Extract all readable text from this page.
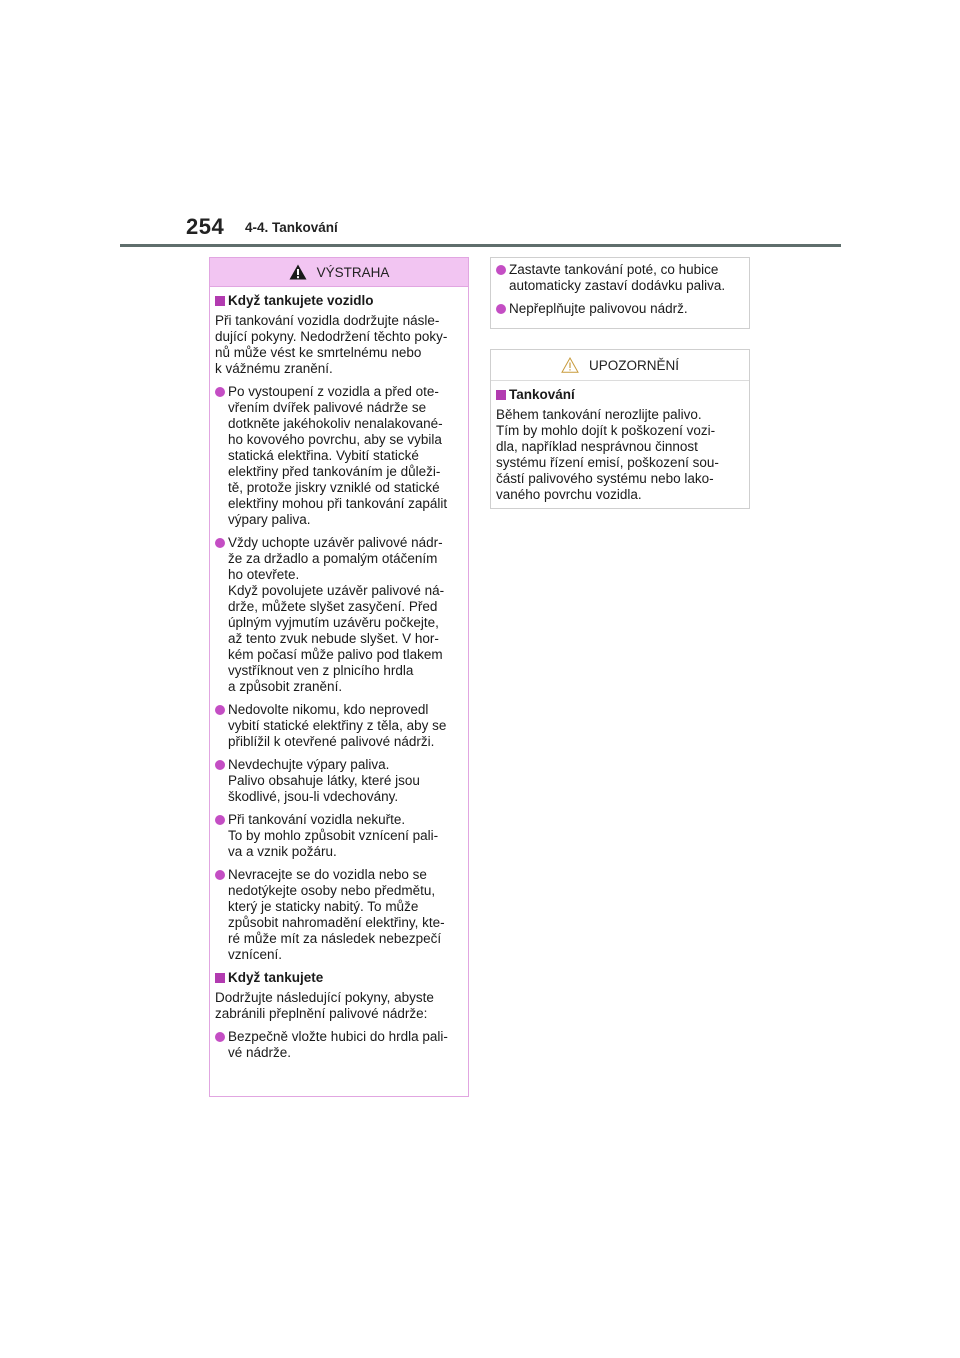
254 4-4. Tankování
VÝSTRAHA
Když tankujete vozidlo
Při tankování vozidla dodržujte násle-
dující pokyny. Nedodržení těchto poky-
nů může vést ke smrtelnému nebo
k vážnému zranění.
Po vystoupení z vozidla a před ote-
vřením dvířek palivové nádrže se
dotkněte jakéhokoliv nenalakované-
ho kovového povrchu, aby se vybila
statická elektřina. Vybití statické
elektřiny před tankováním je důleži-
tě, protože jiskry vzniklé od statické
elektřiny mohou při tankování zapálit
výpary paliva.
Vždy uchopte uzávěr palivové nádr-
že za držadlo a pomalým otáčením
ho otevřete.
Když povolujete uzávěr palivové ná-
drže, můžete slyšet zasyčení. Před
úplným vyjmutím uzávěru počkejte,
až tento zvuk nebude slyšet. V hor-
kém počasí může palivo pod tlakem
vystříknout ven z plnicího hrdla
a způsobit zranění.
Nedovolte nikomu, kdo neprovedl
vybití statické elektřiny z těla, aby se
přiblížil k otevřené palivové nádrži.
Nevdechujte výpary paliva.
Palivo obsahuje látky, které jsou
škodlivé, jsou-li vdechovány.
Při tankování vozidla nekuřte.
To by mohlo způsobit vznícení pali-
va a vznik požáru.
Nevracejte se do vozidla nebo se
nedotýkejte osoby nebo předmětu,
který je staticky nabitý. To může
způsobit nahromadění elektřiny, kte-
ré může mít za následek nebezpečí
vznícení.
Když tankujete
Dodržujte následující pokyny, abyste
zabránili přeplnění palivové nádrže:
Bezpečně vložte hubici do hrdla pali-
vé nádrže.
Zastavte tankování poté, co hubice
automaticky zastaví dodávku paliva.
Nepřeplňujte palivovou nádrž.
UPOZORNĚNÍ
Tankování
Během tankování nerozlijte palivo.
Tím by mohlo dojít k poškození vozi-
dla, například nesprávnou činnost
systému řízení emisí, poškození sou-
částí palivového systému nebo lako-
vaného povrchu vozidla.
